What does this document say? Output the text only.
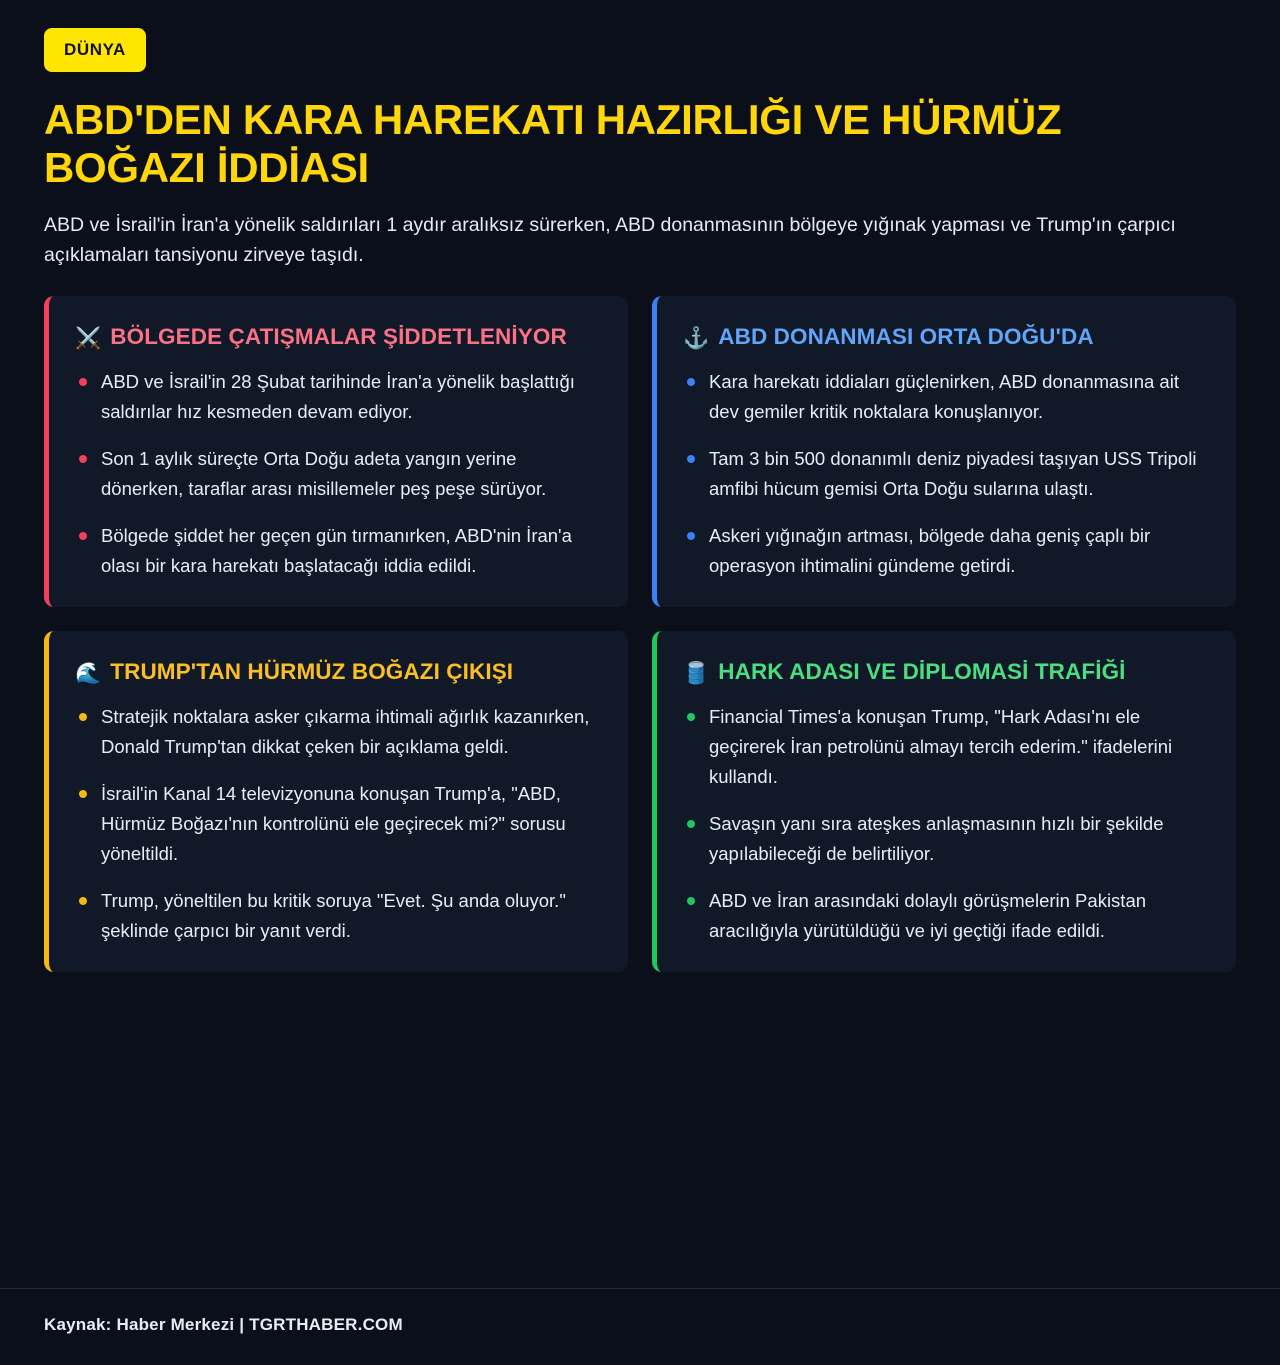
DÜNYA
ABD'DEN KARA HAREKATI HAZIRLIĞI VE HÜRMÜZ BOĞAZI İDDİASI

ABD ve İsrail'in İran'a yönelik saldırıları 1 aydır aralıksız sürerken, ABD donanmasının bölgeye yığınak yapması ve Trump'ın çarpıcı açıklamaları tansiyonu zirveye taşıdı.

⚔️ BÖLGEDE ÇATIŞMALAR ŞİDDETLENİYOR
ABD ve İsrail'in 28 Şubat tarihinde İran'a yönelik başlattığı saldırılar hız kesmeden devam ediyor.
Son 1 aylık süreçte Orta Doğu adeta yangın yerine dönerken, taraflar arası misillemeler peş peşe sürüyor.
Bölgede şiddet her geçen gün tırmanırken, ABD'nin İran'a olası bir kara harekatı başlatacağı iddia edildi.
⚓ ABD DONANMASI ORTA DOĞU'DA
Kara harekatı iddiaları güçlenirken, ABD donanmasına ait dev gemiler kritik noktalara konuşlanıyor.
Tam 3 bin 500 donanımlı deniz piyadesi taşıyan USS Tripoli amfibi hücum gemisi Orta Doğu sularına ulaştı.
Askeri yığınağın artması, bölgede daha geniş çaplı bir operasyon ihtimalini gündeme getirdi.
🌊 TRUMP'TAN HÜRMÜZ BOĞAZI ÇIKIŞI
Stratejik noktalara asker çıkarma ihtimali ağırlık kazanırken, Donald Trump'tan dikkat çeken bir açıklama geldi.
İsrail'in Kanal 14 televizyonuna konuşan Trump'a, "ABD, Hürmüz Boğazı'nın kontrolünü ele geçirecek mi?" sorusu yöneltildi.
Trump, yöneltilen bu kritik soruya "Evet. Şu anda oluyor." şeklinde çarpıcı bir yanıt verdi.
🛢️ HARK ADASI VE DİPLOMASİ TRAFİĞİ
Financial Times'a konuşan Trump, "Hark Adası'nı ele geçirerek İran petrolünü almayı tercih ederim." ifadelerini kullandı.
Savaşın yanı sıra ateşkes anlaşmasının hızlı bir şekilde yapılabileceği de belirtiliyor.
ABD ve İran arasındaki dolaylı görüşmelerin Pakistan aracılığıyla yürütüldüğü ve iyi geçtiği ifade edildi.
Kaynak: Haber Merkezi | TGRTHABER.COM
